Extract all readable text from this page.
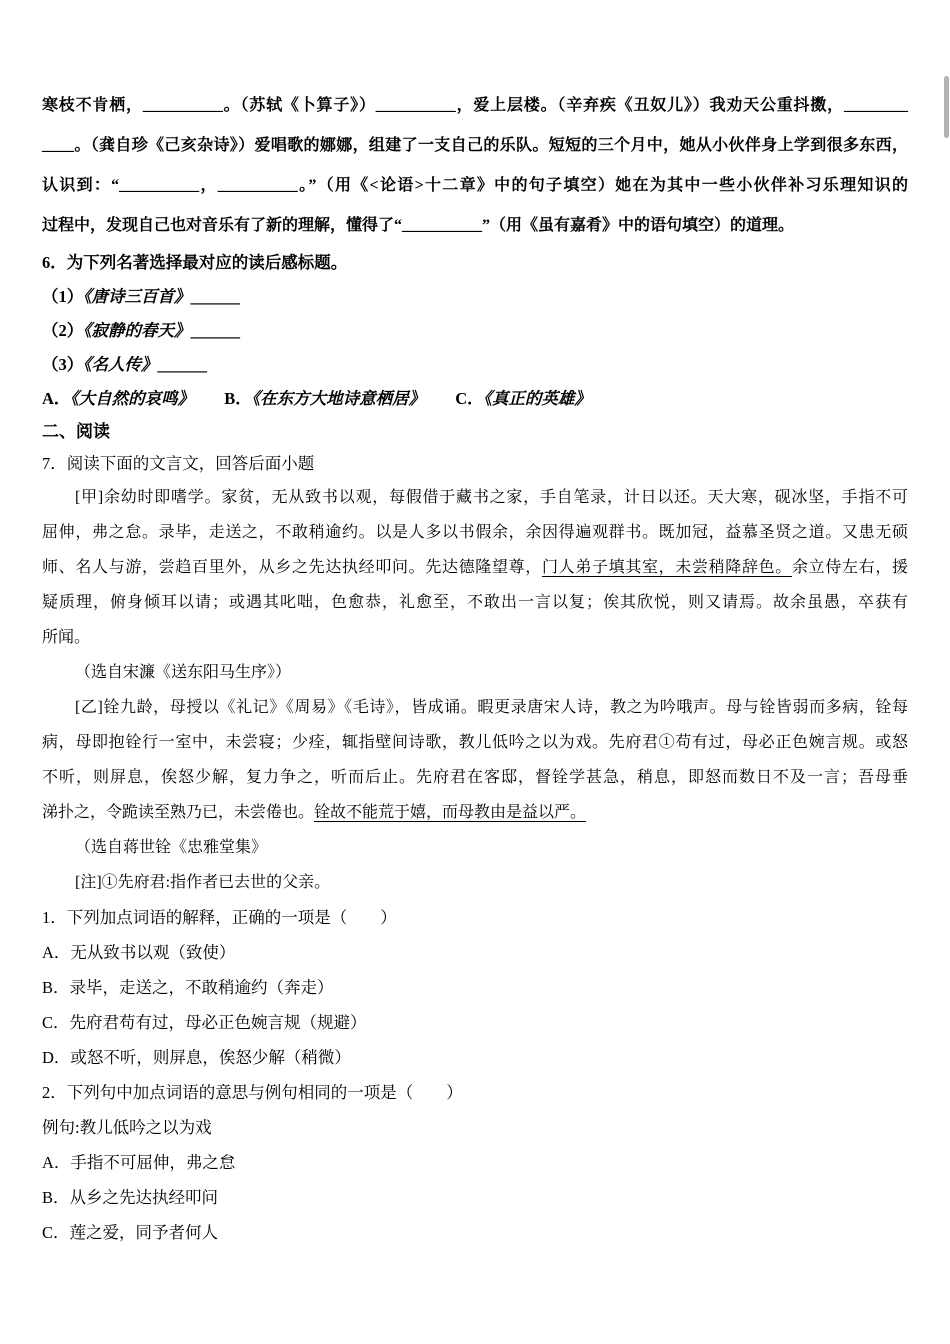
寒枝不肯栖，__________。（苏轼《卜算子》）__________，爱上层楼。（辛弃疾《丑奴儿》）我劝天公重抖擞，________
____。（龚自珍《己亥杂诗》）爱唱歌的娜娜，组建了一支自己的乐队。短短的三个月中，她从小伙伴身上学到很多东西，
认识到：“__________，__________。”（用《<论语>十二章》中的句子填空）她在为其中一些小伙伴补习乐理知识的
过程中，发现自己也对音乐有了新的理解，懂得了“__________”（用《虽有嘉肴》中的语句填空）的道理。
6．为下列名著选择最对应的读后感标题。
（1）《唐诗三百首》______
（2）《寂静的春天》______
（3）《名人传》______
A．《大自然的哀鸣》 B．《在东方大地诗意栖居》 C．《真正的英雄》
二、阅读
7．阅读下面的文言文，回答后面小题
[甲]余幼时即嗜学。家贫，无从致书以观，每假借于藏书之家，手自笔录，计日以还。天大寒，砚冰坚，手指不可
屈伸，弗之怠。录毕，走送之，不敢稍逾约。以是人多以书假余，余因得遍观群书。既加冠，益慕圣贤之道。又患无硕
师、名人与游，尝趋百里外，从乡之先达执经叩问。先达德隆望尊，门人弟子填其室，未尝稍降辞色。余立侍左右，援
疑质理，俯身倾耳以请；或遇其叱咄，色愈恭，礼愈至，不敢出一言以复；俟其欣悦，则又请焉。故余虽愚，卒获有
所闻。
（选自宋濂《送东阳马生序》）
[乙]铨九龄，母授以《礼记》《周易》《毛诗》，皆成诵。暇更录唐宋人诗，教之为吟哦声。母与铨皆弱而多病，铨每
病，母即抱铨行一室中，未尝寝；少痊，辄指壁间诗歌，教儿低吟之以为戏。先府君①苟有过，母必正色婉言规。或怒
不听，则屏息，俟怒少解，复力争之，听而后止。先府君在客邸，督铨学甚急，稍息，即怒而数日不及一言；吾母垂
涕扑之，令跪读至熟乃已，未尝倦也。铨故不能荒于嬉，而母教由是益以严。
（选自蒋世铨《忠雅堂集》
[注]①先府君:指作者已去世的父亲。
1．下列加点词语的解释，正确的一项是（　　）
A．无从致书以观（致使）
B．录毕，走送之，不敢稍逾约（奔走）
C．先府君苟有过，母必正色婉言规（规避）
D．或怒不听，则屏息，俟怒少解（稍微）
2．下列句中加点词语的意思与例句相同的一项是（　　）
例句:教儿低吟之以为戏
A．手指不可屈伸，弗之怠
B．从乡之先达执经叩问
C．莲之爱，同予者何人
